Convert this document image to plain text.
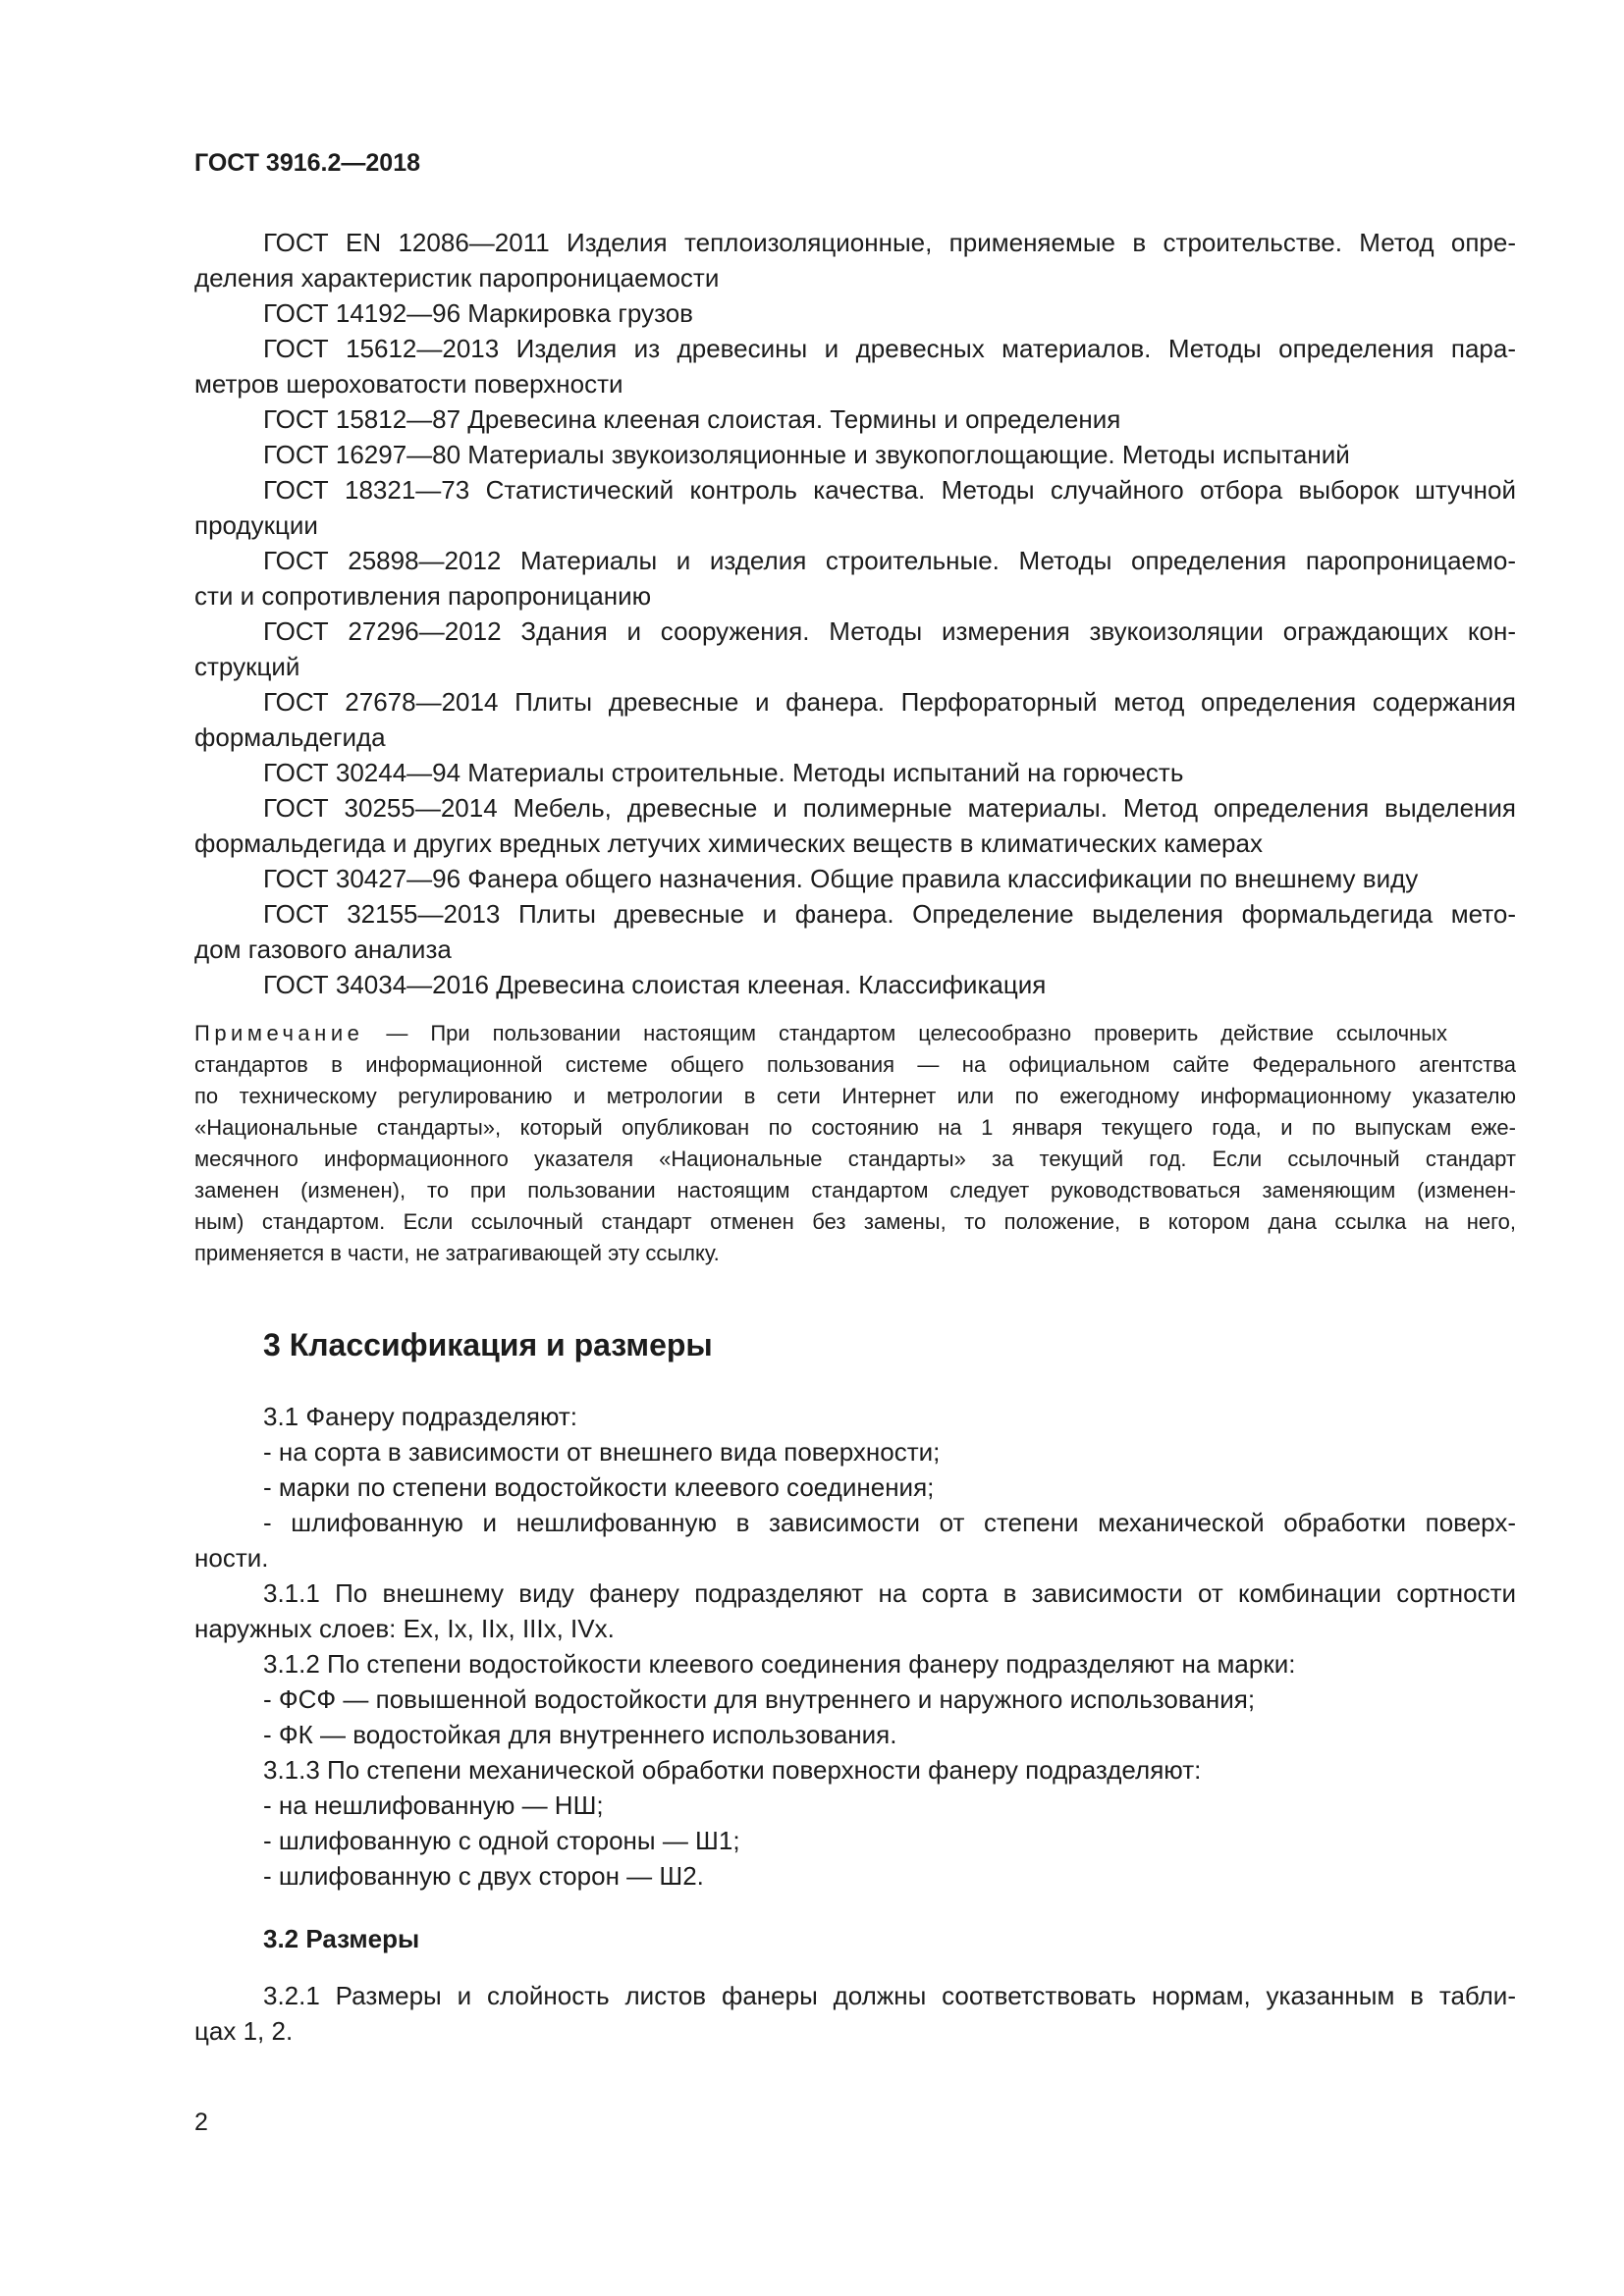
ГОСТ 3916.2—2018
ГОСТ EN 12086—2011 Изделия теплоизоляционные, применяемые в строительстве. Метод опре-
деления характеристик паропроницаемости
ГОСТ 14192—96 Маркировка грузов
ГОСТ 15612—2013 Изделия из древесины и древесных материалов. Методы определения пара-
метров шероховатости поверхности
ГОСТ 15812—87 Древесина клееная слоистая. Термины и определения
ГОСТ 16297—80 Материалы звукоизоляционные и звукопоглощающие. Методы испытаний
ГОСТ 18321—73 Статистический контроль качества. Методы случайного отбора выборок штучной
продукции
ГОСТ 25898—2012 Материалы и изделия строительные. Методы определения паропроницаемо-
сти и сопротивления паропроницанию
ГОСТ 27296—2012 Здания и сооружения. Методы измерения звукоизоляции ограждающих кон-
струкций
ГОСТ 27678—2014 Плиты древесные и фанера. Перфораторный метод определения содержания
формальдегида
ГОСТ 30244—94 Материалы строительные. Методы испытаний на горючесть
ГОСТ 30255—2014 Мебель, древесные и полимерные материалы. Метод определения выделения
формальдегида и других вредных летучих химических веществ в климатических камерах
ГОСТ 30427—96 Фанера общего назначения. Общие правила классификации по внешнему виду
ГОСТ 32155—2013 Плиты древесные и фанера. Определение выделения формальдегида мето-
дом газового анализа
ГОСТ 34034—2016 Древесина слоистая клееная. Классификация
Примечание — При пользовании настоящим стандартом целесообразно проверить действие ссылочных
стандартов в информационной системе общего пользования — на официальном сайте Федерального агентства
по техническому регулированию и метрологии в сети Интернет или по ежегодному информационному указателю
«Национальные стандарты», который опубликован по состоянию на 1 января текущего года, и по выпускам еже-
месячного информационного указателя «Национальные стандарты» за текущий год. Если ссылочный стандарт
заменен (изменен), то при пользовании настоящим стандартом следует руководствоваться заменяющим (изменен-
ным) стандартом. Если ссылочный стандарт отменен без замены, то положение, в котором дана ссылка на него,
применяется в части, не затрагивающей эту ссылку.
3 Классификация и размеры
3.1 Фанеру подразделяют:
- на сорта в зависимости от внешнего вида поверхности;
- марки по степени водостойкости клеевого соединения;
- шлифованную и нешлифованную в зависимости от степени механической обработки поверх-
ности.
3.1.1 По внешнему виду фанеру подразделяют на сорта в зависимости от комбинации сортности
наружных слоев: Ех, Ix, IIх, IIIх, IVх.
3.1.2 По степени водостойкости клеевого соединения фанеру подразделяют на марки:
- ФСФ — повышенной водостойкости для внутреннего и наружного использования;
- ФК — водостойкая для внутреннего использования.
3.1.3 По степени механической обработки поверхности фанеру подразделяют:
- на нешлифованную — НШ;
- шлифованную с одной стороны — Ш1;
- шлифованную с двух сторон — Ш2.
3.2 Размеры
3.2.1 Размеры и слойность листов фанеры должны соответствовать нормам, указанным в табли-
цах 1, 2.
2
